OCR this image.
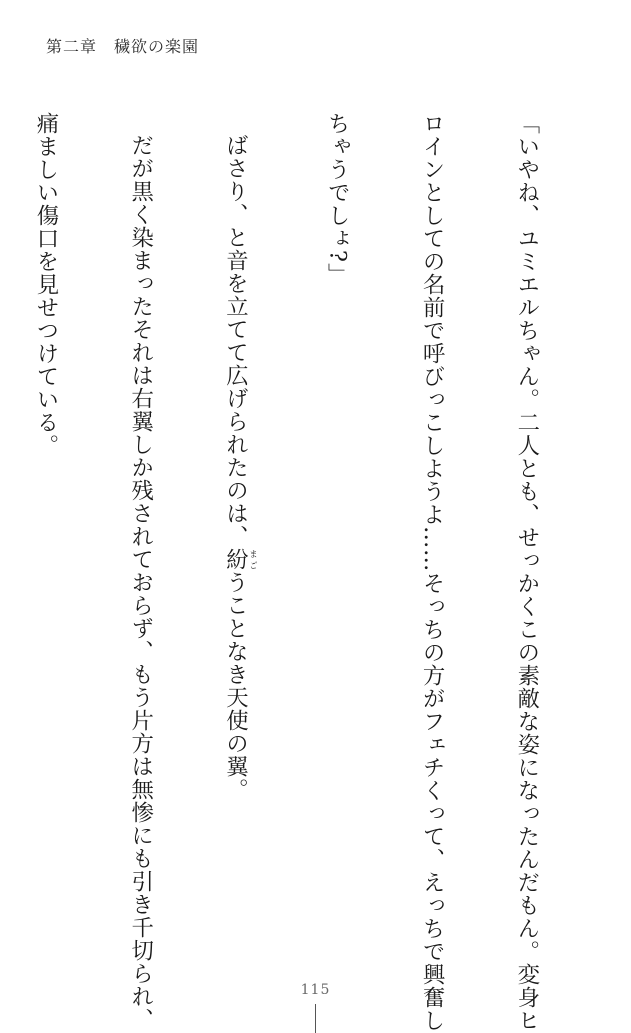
第二章　穢欲の楽園

「いやね、ユミエルちゃん。二人とも、せっかくこの素敵な姿になったんだもん。変身ヒ

ロインとしての名前で呼びっこしようよ……そっちの方がフェチくって、えっちで興奮し

ちゃうでしょ?」

ばさり、と音を立てて広げられたのは、紛 まごうことなき天使の翼。

だが黒く染まったそれは右翼しか残されておらず、もう片方は無惨にも引き千切られ、

痛ましい傷口を見せつけている。

115
